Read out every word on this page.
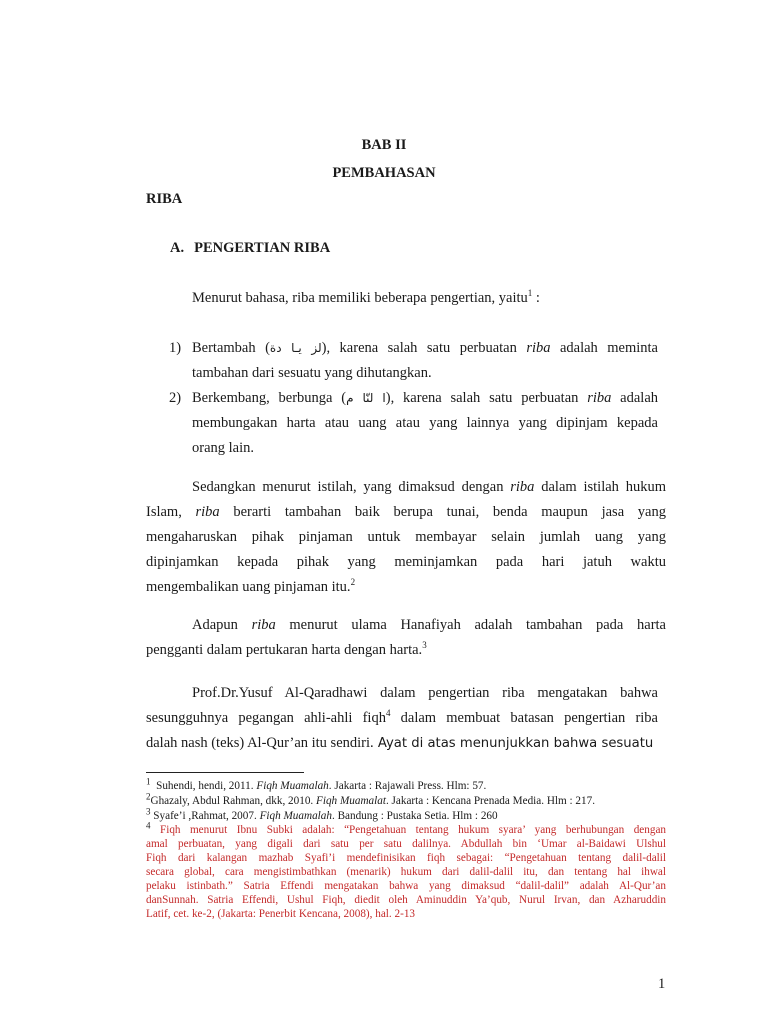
BAB II

PEMBAHASAN

RIBA

A. PENGERTIAN RIBA

Menurut bahasa, riba memiliki beberapa pengertian, yaitu$^1$ :

1) Bertambah (لز يـا دة), karena salah satu perbuatan riba adalah meminta

tambahan dari sesuatu yang dihutangkan.

2) Berkembang, berbunga (ا لنّا م), karena salah satu perbuatan riba adalah

membungakan harta atau uang atau yang lainnya yang dipinjam kepada

orang lain.

Sedangkan menurut istilah, yang dimaksud dengan riba dalam istilah hukum

Islam, riba berarti tambahan baik berupa tunai, benda maupun jasa yang

mengaharuskan pihak pinjaman untuk membayar selain jumlah uang yang

dipinjamkan kepada pihak yang meminjamkan pada hari jatuh waktu

mengembalikan uang pinjaman itu.$^2$

Adapun riba menurut ulama Hanafiyah adalah tambahan pada harta

pengganti dalam pertukaran harta dengan harta.$^3$

Prof.Dr.Yusuf Al-Qaradhawi dalam pengertian riba mengatakan bahwa

sesungguhnya pegangan ahli-ahli fiqh$^4$ dalam membuat batasan pengertian riba

dalah nash (teks) Al-Qur’an itu sendiri. Ayat di atas menunjukkan bahwa sesuatu

$^1$ Suhendi, hendi, 2011. Fiqh Muamalah. Jakarta : Rajawali Press. Hlm: 57.

$^2$Ghazaly, Abdul Rahman, dkk, 2010. Fiqh Muamalat. Jakarta : Kencana Prenada Media. Hlm : 217.

$^3$ Syafe’i ,Rahmat, 2007. Fiqh Muamalah. Bandung : Pustaka Setia. Hlm : 260

$^4$ Fiqh menurut Ibnu Subki adalah: “Pengetahuan tentang hukum syara’ yang berhubungan dengan

amal perbuatan, yang digali dari satu per satu dalilnya. Abdullah bin ‘Umar al-Baidawi Ulshul

Fiqh dari kalangan mazhab Syafi’i mendefinisikan fiqh sebagai: “Pengetahuan tentang dalil-dalil

secara global, cara mengistimbathkan (menarik) hukum dari dalil-dalil itu, dan tentang hal ihwal

pelaku istinbath.” Satria Effendi mengatakan bahwa yang dimaksud “dalil-dalil” adalah Al-Qur’an

danSunnah. Satria Effendi, Ushul Fiqh, diedit oleh Aminuddin Ya’qub, Nurul Irvan, dan Azharuddin

Latif, cet. ke-2, (Jakarta: Penerbit Kencana, 2008), hal. 2-13

1
